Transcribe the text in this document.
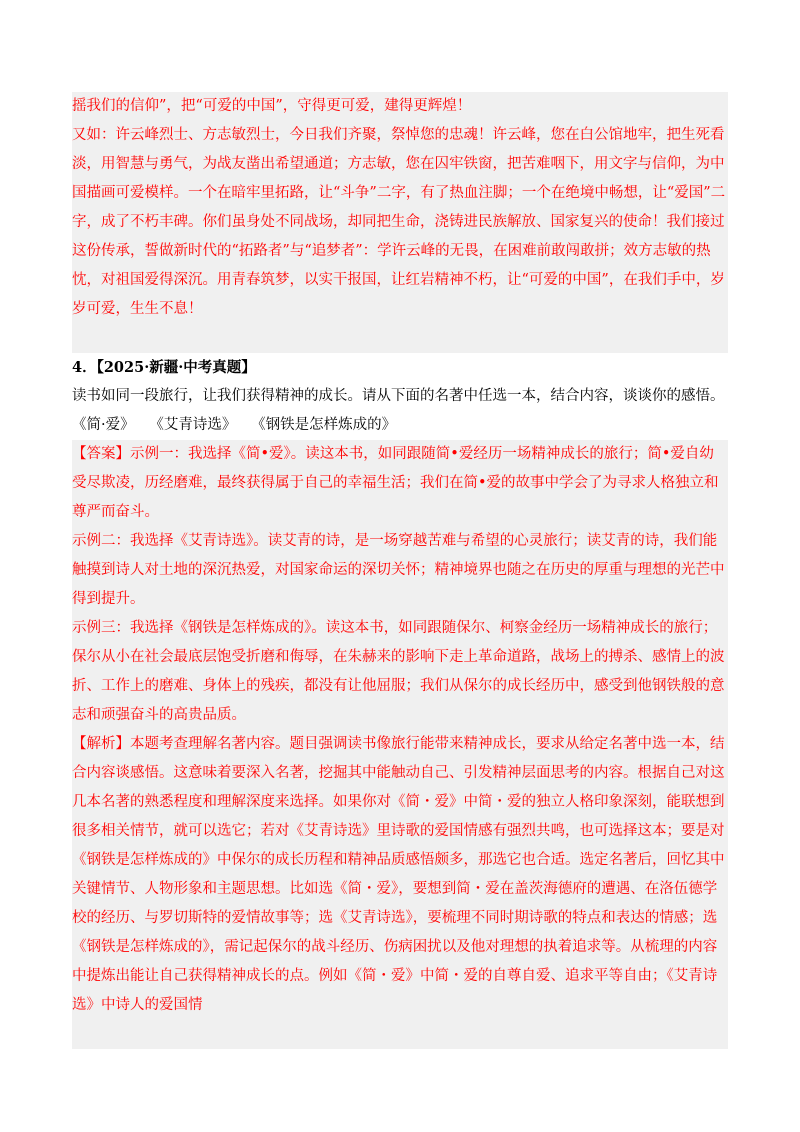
摇我们的信仰”，把“可爱的中国”，守得更可爱，建得更辉煌！

又如：许云峰烈士、方志敏烈士，今日我们齐聚，祭悼您的忠魂！许云峰，您在白公馆地牢，把生死看淡，用智慧与勇气，为战友凿出希望通道；方志敏，您在囚牢铁窗，把苦难咽下，用文字与信仰，为中国描画可爱模样。一个在暗牢里拓路，让“斗争”二字，有了热血注脚；一个在绝境中畅想，让“爱国”二字，成了不朽丰碑。你们虽身处不同战场，却同把生命，浇铸进民族解放、国家复兴的使命！我们接过这份传承，誓做新时代的“拓路者”与“追梦者”：学许云峰的无畏，在困难前敢闯敢拼；效方志敏的热忱，对祖国爱得深沉。用青春筑梦，以实干报国，让红岩精神不朽，让“可爱的中国”，在我们手中，岁岁可爱，生生不息！

4．【2025·新疆·中考真题】

读书如同一段旅行，让我们获得精神的成长。请从下面的名著中任选一本，结合内容，谈谈你的感悟。

《简·爱》 《艾青诗选》 《钢铁是怎样炼成的》

【答案】示例一：我选择《简•爱》。读这本书，如同跟随简•爱经历一场精神成长的旅行；简•爱自幼受尽欺凌，历经磨难，最终获得属于自己的幸福生活；我们在简•爱的故事中学会了为寻求人格独立和尊严而奋斗。

示例二：我选择《艾青诗选》。读艾青的诗，是一场穿越苦难与希望的心灵旅行；读艾青的诗，我们能触摸到诗人对土地的深沉热爱，对国家命运的深切关怀；精神境界也随之在历史的厚重与理想的光芒中得到提升。

示例三：我选择《钢铁是怎样炼成的》。读这本书，如同跟随保尔、柯察金经历一场精神成长的旅行；保尔从小在社会最底层饱受折磨和侮辱，在朱赫来的影响下走上革命道路，战场上的搏杀、感情上的波折、工作上的磨难、身体上的残疾，都没有让他屈服；我们从保尔的成长经历中，感受到他钢铁般的意志和顽强奋斗的高贵品质。

【解析】本题考查理解名著内容。题目强调读书像旅行能带来精神成长，要求从给定名著中选一本，结合内容谈感悟。这意味着要深入名著，挖掘其中能触动自己、引发精神层面思考的内容。根据自己对这几本名著的熟悉程度和理解深度来选择。如果你对《简・爱》中简・爱的独立人格印象深刻，能联想到很多相关情节，就可以选它；若对《艾青诗选》里诗歌的爱国情感有强烈共鸣，也可选择这本；要是对《钢铁是怎样炼成的》中保尔的成长历程和精神品质感悟颇多，那选它也合适。选定名著后，回忆其中关键情节、人物形象和主题思想。比如选《简・爱》，要想到简・爱在盖茨海德府的遭遇、在洛伍德学校的经历、与罗切斯特的爱情故事等；选《艾青诗选》，要梳理不同时期诗歌的特点和表达的情感；选《钢铁是怎样炼成的》，需记起保尔的战斗经历、伤病困扰以及他对理想的执着追求等。从梳理的内容中提炼出能让自己获得精神成长的点。例如《简・爱》中简・爱的自尊自爱、追求平等自由；《艾青诗选》中诗人的爱国情
